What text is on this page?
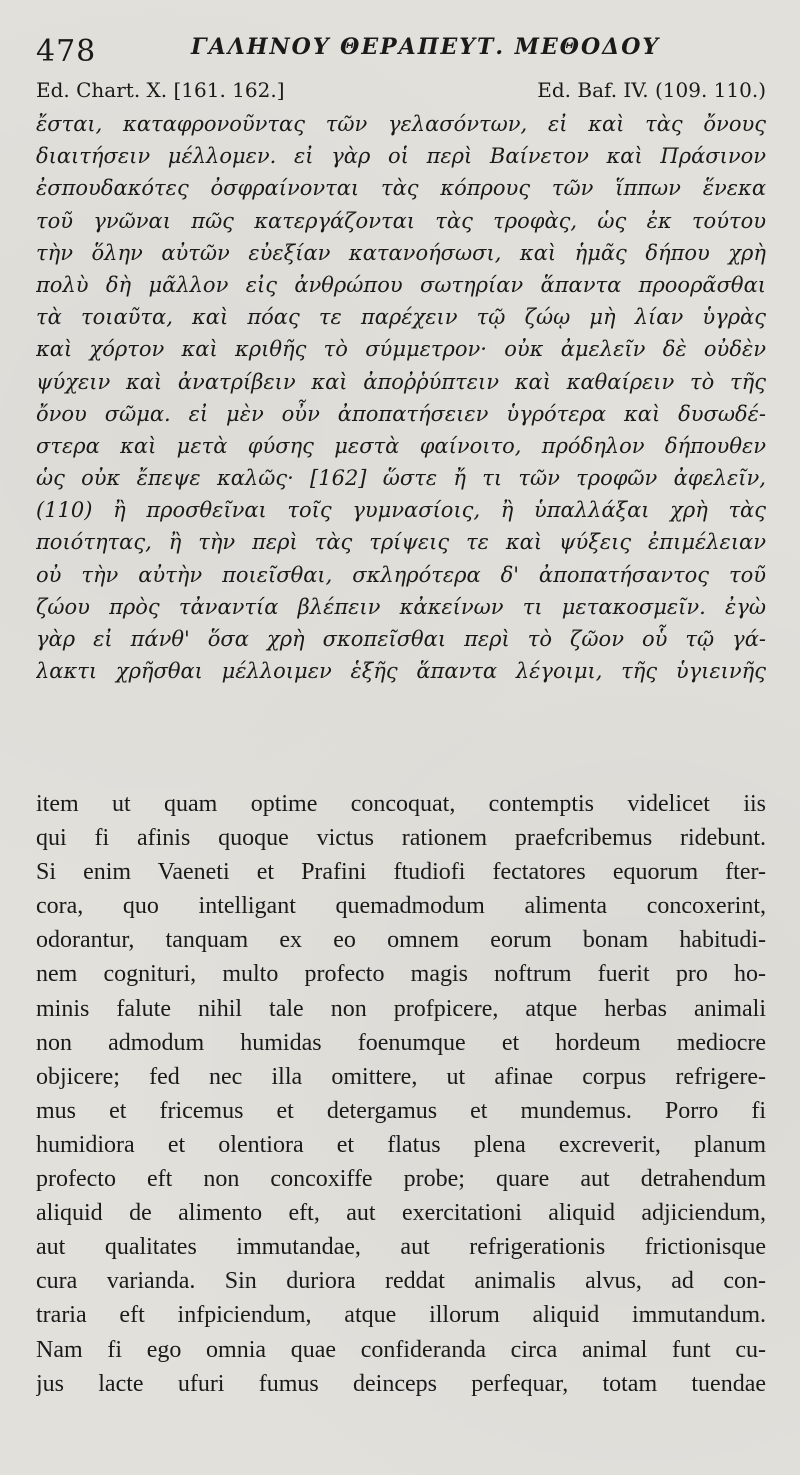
478	ΓΑΛΗΝΟΥ ΘΕΡΑΠΕΥΤ. ΜΕΘΟΔΟΥ
Ed. Chart. X. [161. 162.]	Ed. Baf. IV. (109. 110.)
ἔσται, καταφρονοῦντας τῶν γελασόντων, εἰ καὶ τὰς ὄνους
διαιτήσειν μέλλομεν. εἰ γὰρ οἱ περὶ Βαίνετον καὶ Πράσινον
ἐσπουδακότες ὀσφραίνονται τὰς κόπρους τῶν ἵππων ἕνεκα
τοῦ γνῶναι πῶς κατεργάζονται τὰς τροφὰς, ὡς ἐκ τούτου
τὴν ὅλην αὐτῶν εὐεξίαν κατανοήσωσι, καὶ ἡμᾶς δήπου χρὴ
πολὺ δὴ μᾶλλον εἰς ἀνθρώπου σωτηρίαν ἅπαντα προορᾶσθαι
τὰ τοιαῦτα, καὶ πόας τε παρέχειν τῷ ζώῳ μὴ λίαν ὑγρὰς
καὶ χόρτον καὶ κριθῆς τὸ σύμμετρον· οὐκ ἀμελεῖν δὲ οὐδὲν
ψύχειν καὶ ἀνατρίβειν καὶ ἀποῤῥύπτειν καὶ καθαίρειν τὸ τῆς
ὄνου σῶμα. εἰ μὲν οὖν ἀποπατήσειεν ὑγρότερα καὶ δυσωδέ-
στερα καὶ μετὰ φύσης μεστὰ φαίνοιτο, πρόδηλον δήπουθεν
ὡς οὐκ ἔπεψε καλῶς· [162] ὥστε ἤ τι τῶν τροφῶν ἀφελεῖν,
(110) ἢ προσθεῖναι τοῖς γυμνασίοις, ἢ ὑπαλλάξαι χρὴ τὰς
ποιότητας, ἢ τὴν περὶ τὰς τρίψεις τε καὶ ψύξεις ἐπιμέλειαν
οὐ τὴν αὐτὴν ποιεῖσθαι, σκληρότερα δ' ἀποπατήσαντος τοῦ
ζώου πρὸς τἀναντία βλέπειν κἀκείνων τι μετακοσμεῖν. ἐγὼ
γὰρ εἰ πάνθ' ὅσα χρὴ σκοπεῖσθαι περὶ τὸ ζῶον οὗ τῷ γά-
λακτι χρῆσθαι μέλλοιμεν ἑξῆς ἅπαντα λέγοιμι, τῆς ὑγιεινῆς
item ut quam optime concoquat, contemptis videlicet iis
qui fi afinis quoque victus rationem praefcribemus ridebunt.
Si enim Vaeneti et Prafini ftudiofi fectatores equorum fter-
cora, quo intelligant quemadmodum alimenta concoxerint,
odorantur, tanquam ex eo omnem eorum bonam habitudi-
nem cognituri, multo profecto magis noftrum fuerit pro ho-
minis falute nihil tale non profpicere, atque herbas animali
non admodum humidas foenumque et hordeum mediocre
objicere; fed nec illa omittere, ut afinae corpus refrigere-
mus et fricemus et detergamus et mundemus. Porro fi
humidiora et olentiora et flatus plena excreverit, planum
profecto eft non concoxiffe probe; quare aut detrahendum
aliquid de alimento eft, aut exercitationi aliquid adjiciendum,
aut qualitates immutandae, aut refrigerationis frictionisque
cura varianda. Sin duriora reddat animalis alvus, ad con-
traria eft infpiciendum, atque illorum aliquid immutandum.
Nam fi ego omnia quae confideranda circa animal funt cu-
jus lacte ufuri fumus deinceps perfequar, totam tuendae
